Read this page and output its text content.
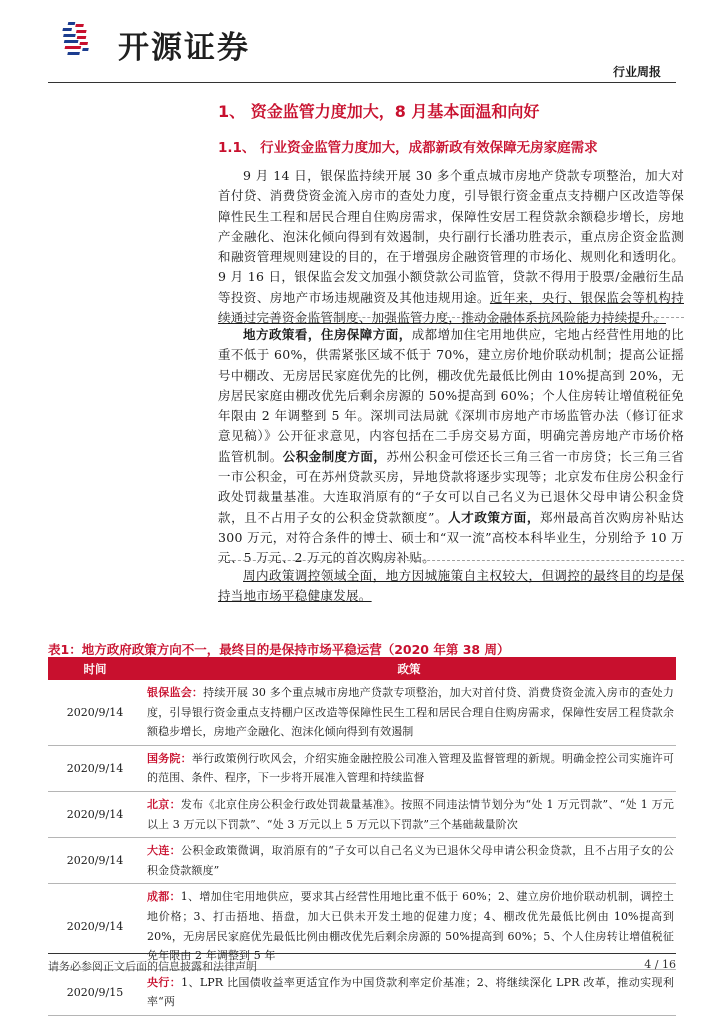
开源证券
行业周报
1、 资金监管力度加大，8 月基本面温和向好
1.1、 行业资金监管力度加大，成都新政有效保障无房家庭需求
9 月 14 日，银保监持续开展 30 多个重点城市房地产贷款专项整治，加大对首付贷、消费贷资金流入房市的查处力度，引导银行资金重点支持棚户区改造等保障性民生工程和居民合理自住购房需求，保障性安居工程贷款余额稳步增长，房地产金融化、泡沫化倾向得到有效遏制，央行副行长潘功胜表示，重点房企资金监测和融资管理规则建设的目的，在于增强房企融资管理的市场化、规则化和透明化。9 月 16 日，银保监会发文加强小额贷款公司监管，贷款不得用于股票/金融衍生品等投资、房地产市场违规融资及其他违规用途。近年来，央行、银保监会等机构持续通过完善资金监管制度、加强监管力度，推动金融体系抗风险能力持续提升。
地方政策看，住房保障方面，成都增加住宅用地供应，宅地占经营性用地的比重不低于 60%，供需紧张区域不低于 70%，建立房价地价联动机制；提高公证摇号中棚改、无房居民家庭优先的比例，棚改优先最低比例由 10%提高到 20%，无房居民家庭由棚改优先后剩余房源的 50%提高到 60%；个人住房转让增值税征免年限由 2 年调整到 5 年。深圳司法局就《深圳市房地产市场监管办法（修订征求意见稿）》公开征求意见，内容包括在二手房交易方面，明确完善房地产市场价格监管机制。公积金制度方面，苏州公积金可偿还长三角三省一市房贷；长三角三省一市公积金，可在苏州贷款买房，异地贷款将逐步实现等；北京发布住房公积金行政处罚裁量基准。大连取消原有的“子女可以自己名义为已退休父母申请公积金贷款，且不占用子女的公积金贷款额度”。人才政策方面，郑州最高首次购房补贴达 300 万元，对符合条件的博士、硕士和“双一流”高校本科毕业生，分别给予 10 万元、5 万元、2 万元的首次购房补贴。
周内政策调控领域全面，地方因城施策自主权较大，但调控的最终目的均是保持当地市场平稳健康发展。
表1：地方政府政策方向不一，最终目的是保持市场平稳运营（2020 年第 38 周）
时间	政策
2020/9/14	银保监会：持续开展 30 多个重点城市房地产贷款专项整治，加大对首付贷、消费贷资金流入房市的查处力度，引导银行资金重点支持棚户区改造等保障性民生工程和居民合理自住购房需求，保障性安居工程贷款余额稳步增长，房地产金融化、泡沫化倾向得到有效遏制
2020/9/14	国务院：举行政策例行吹风会，介绍实施金融控股公司准入管理及监督管理的新规。明确金控公司实施许可的范围、条件、程序，下一步将开展准入管理和持续监督
2020/9/14	北京：发布《北京住房公积金行政处罚裁量基准》。按照不同违法情节划分为“处 1 万元罚款”、“处 1 万元以上 3 万元以下罚款”、“处 3 万元以上 5 万元以下罚款”三个基础裁量阶次
2020/9/14	大连：公积金政策微调，取消原有的“子女可以自己名义为已退休父母申请公积金贷款，且不占用子女的公积金贷款额度”
2020/9/14	成都：1、增加住宅用地供应，要求其占经营性用地比重不低于 60%；2、建立房价地价联动机制，调控土地价格；3、打击捂地、捂盘，加大已供未开发土地的促建力度；4、棚改优先最低比例由 10%提高到 20%，无房居民家庭优先最低比例由棚改优先后剩余房源的 50%提高到 60%；5、个人住房转让增值税征免年限由 2 年调整到 5 年
2020/9/15	央行：1、LPR 比国债收益率更适宜作为中国贷款利率定价基准；2、将继续深化 LPR 改革，推动实现利率“两
请务必参阅正文后面的信息披露和法律声明	4 / 16
